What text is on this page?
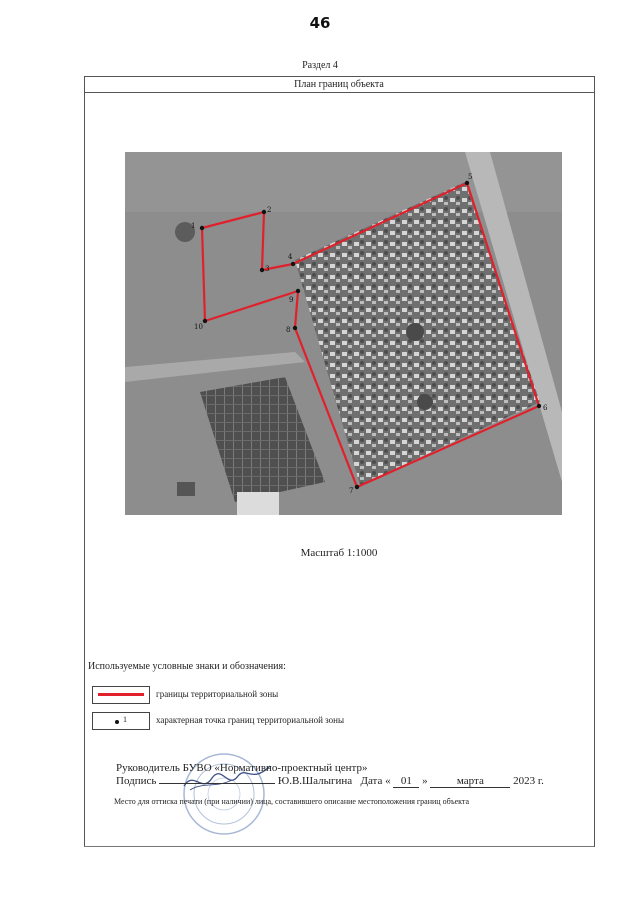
46
Раздел 4
План границ объекта
1
2
3
4
5
6
7
8
9
10
Масштаб 1:1000
Используемые условные знаки и обозначения:
границы территориальной зоны
1	характерная точка границ территориальной зоны
Руководитель БУВО «Нормативно-проектный центр»
Подпись	Ю.В.Шалыгина Дата « 01 »	марта	2023 г.
Место для оттиска печати (при наличии) лица, составившего описание местоположения границ объекта
